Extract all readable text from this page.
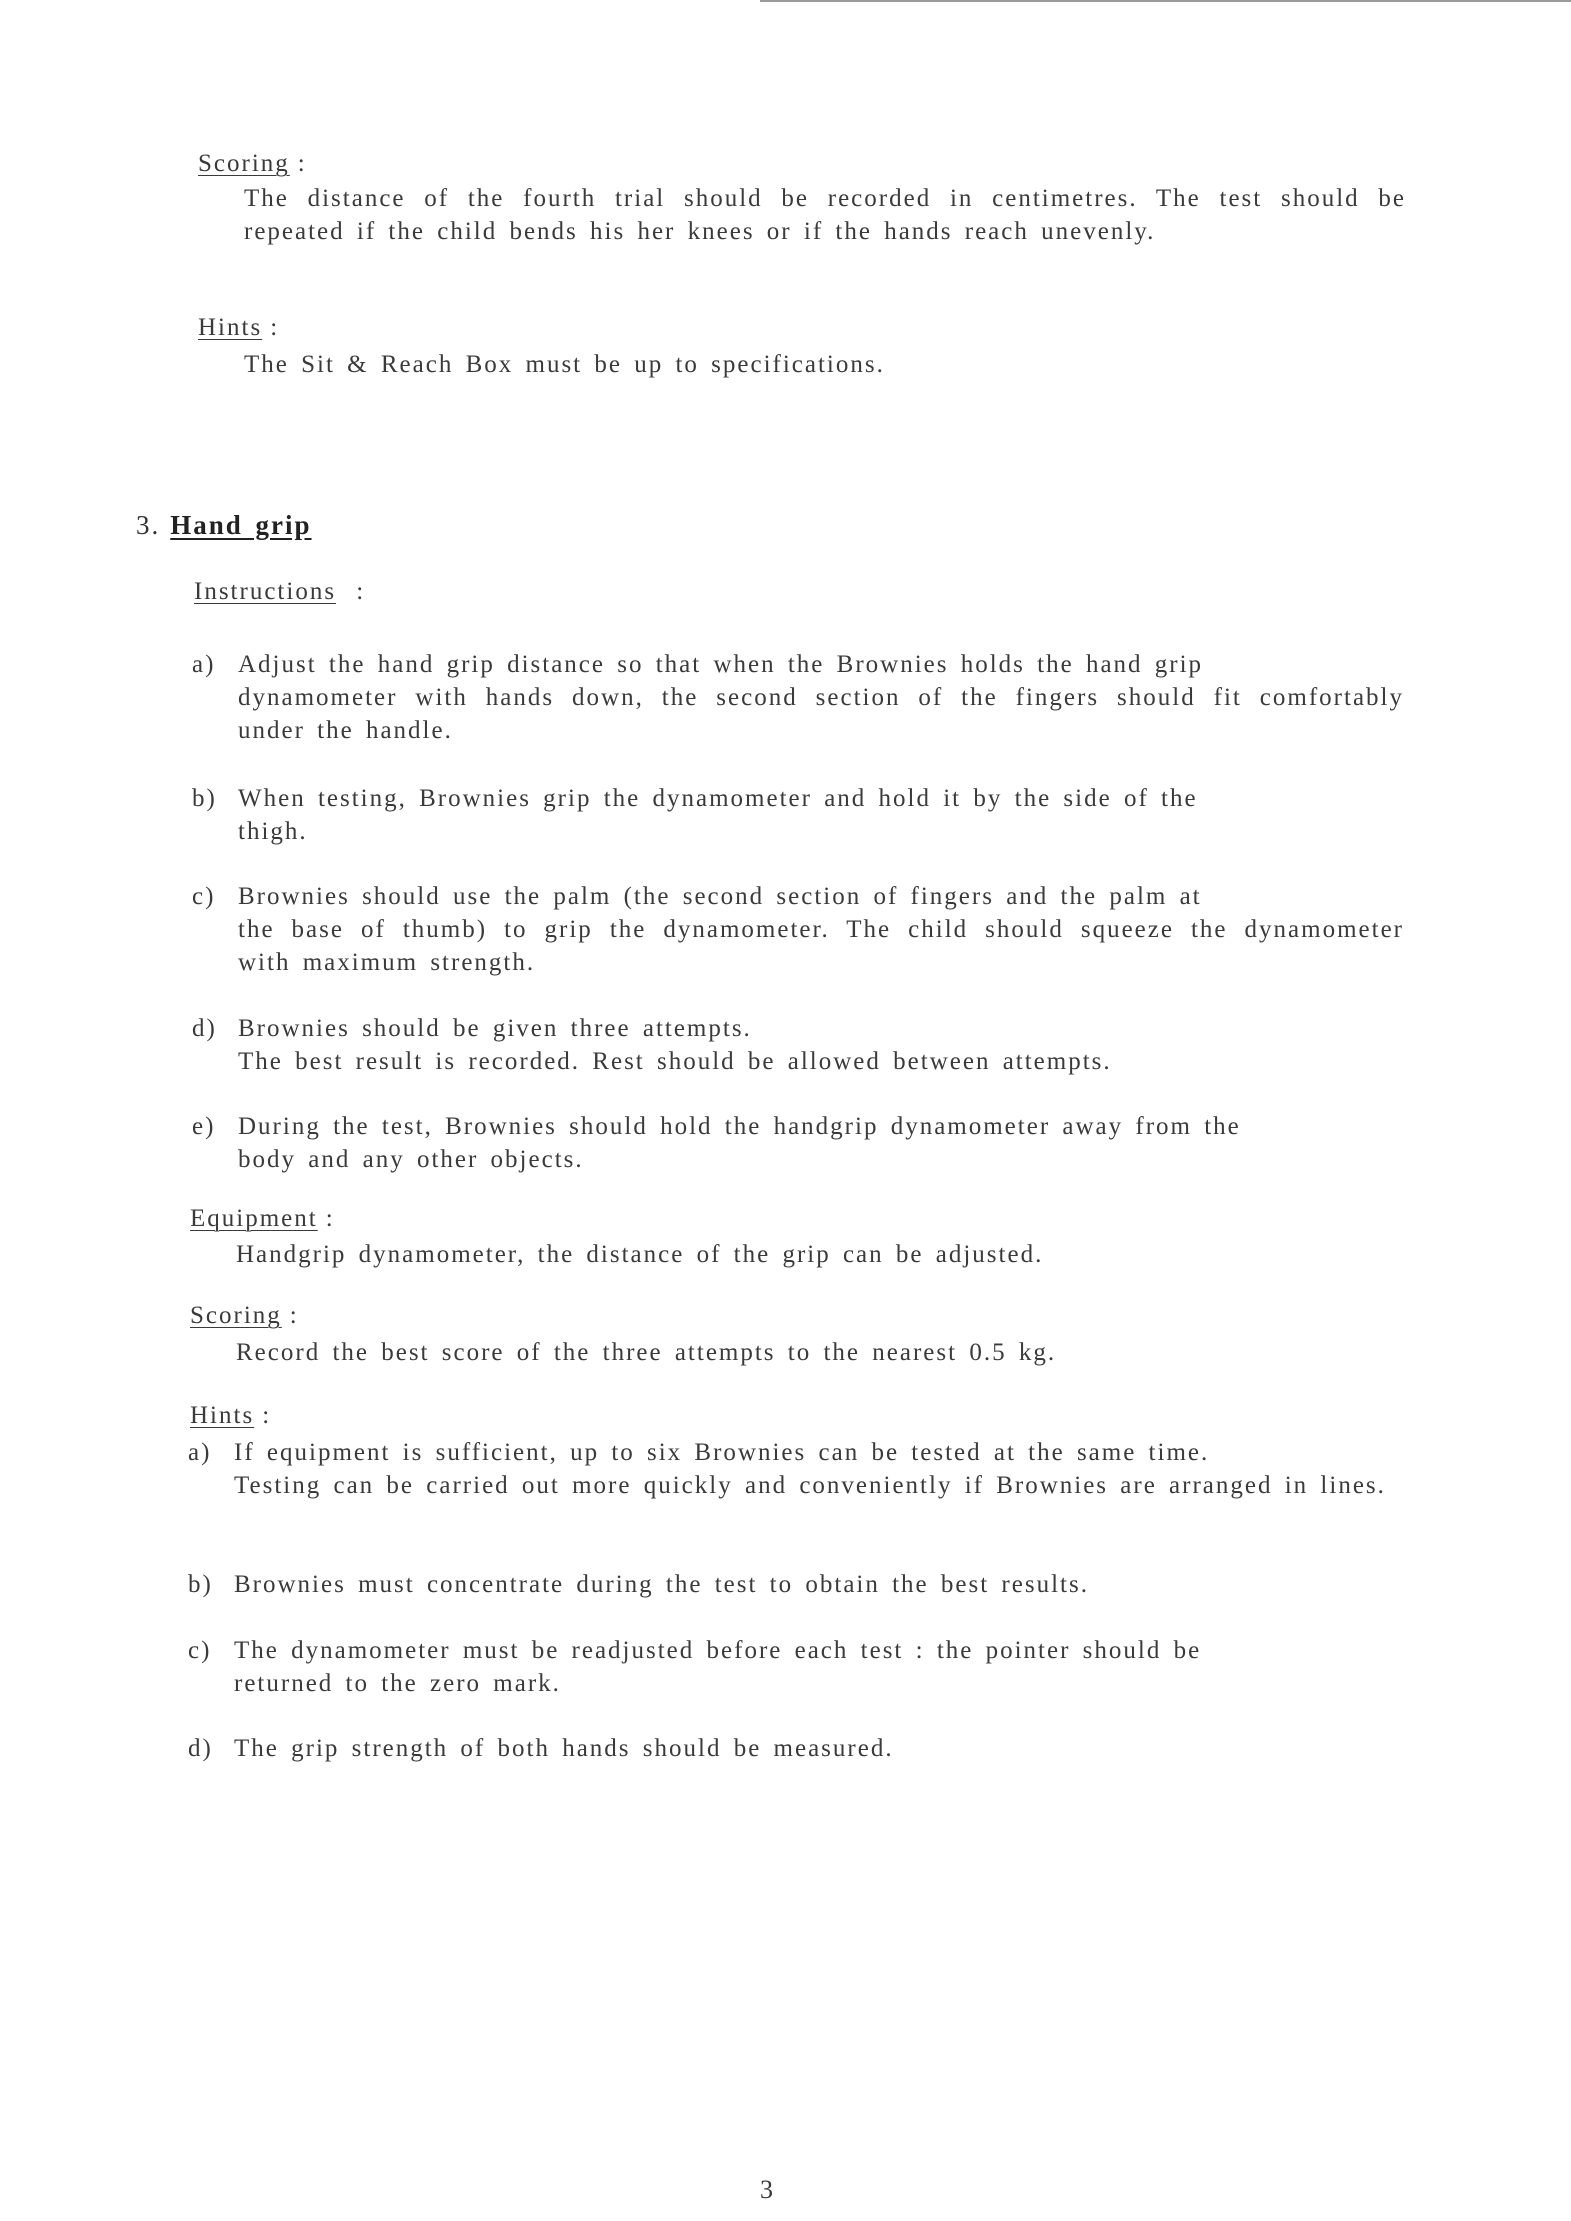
Scoring :
The distance of the fourth trial should be recorded in centimetres. The test should be repeated if the child bends his her knees or if the hands reach unevenly.
Hints :
The Sit & Reach Box must be up to specifications.
3. Hand grip
Instructions :
a) Adjust the hand grip distance so that when the Brownies holds the hand grip
dynamometer with hands down, the second section of the fingers should fit comfortably under the handle.
b) When testing, Brownies grip the dynamometer and hold it by the side of the
thigh.
c) Brownies should use the palm (the second section of fingers and the palm at
the base of thumb) to grip the dynamometer. The child should squeeze the dynamometer with maximum strength.
d) Brownies should be given three attempts.
The best result is recorded. Rest should be allowed between attempts.
e) During the test, Brownies should hold the handgrip dynamometer away from the
body and any other objects.
Equipment :
Handgrip dynamometer, the distance of the grip can be adjusted.
Scoring :
Record the best score of the three attempts to the nearest 0.5 kg.
Hints :
a) If equipment is sufficient, up to six Brownies can be tested at the same time.
Testing can be carried out more quickly and conveniently if Brownies are arranged in lines.
b) Brownies must concentrate during the test to obtain the best results.
c) The dynamometer must be readjusted before each test : the pointer should be
returned to the zero mark.
d) The grip strength of both hands should be measured.
3
